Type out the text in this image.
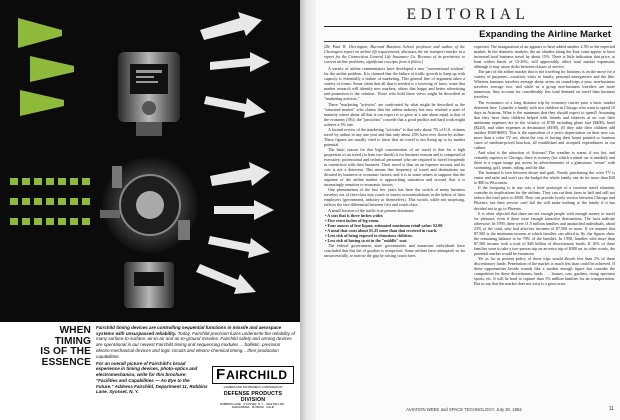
WHEN
TIMING
IS OF THE
ESSENCE

Fairchild timing devices are controlling sequential functions in missile and aerospace systems with unsurpassed reliability. Today, Fairchild precision fuzes underwrite the reliability of many surface-to-surface, air-to-air and air-to-ground missiles. Fairchild safety and arming devices are operational in our newest Fairchild timing and sequencing modules ... ballistic, precision electro-mechanical devices and logic circuits and electro-chemical timing... their production capabilities.

For an overall picture of Fairchild's broad experience in timing devices, photo-optics and electromechanics, write for this brochure: "Facilities and Capabilities — An Eye to the Future." Address Fairchild, Department 11, Robbins Lane, Syosset, N. Y.

F AIRCHILD
CAMERA AND INSTRUMENT CORPORATION
DEFENSE PRODUCTS DIVISION
ROBBINS LANE · SYOSSET, N. Y. · 2401 MILL RD · ALEXANDRIA · FLORIDA · CALIF
EDITORIAL
Expanding the Airline Market

(Dr. Paul W. Cherington, Harvard Business School professor and author of the Cherington report on airline lift requirements, discusses the air transport market in a report for the Connecticut General Life Insurance Co. Because of its pertinence to current airline problems, significant excerpts from it follow.)

A variety of airline commentators have developed a new "conventional wisdom" for the airline problem. It is claimed that the failure of traffic growth to keep up with capacity is essentially a failure of marketing. This general line of argument takes a variety of forms. Some claim that all that is needed is a lowering of fares; some that market research will identify new markets; others that happy and better advertising and promotion is the solution. Those who hold these views might be described as "marketing activists."

These "marketing "activists" are confronted by what might be described as the "saturated market" who claims that the airline industry has now reached a state of maturity where about all that it can expect is to grow at a rate about equal to that of the economy (3%); the "passivists" concede that a good product and hard work might achieve a 5% rate.

A factual review of the marketing "activists" is that only about 7% of U.S. citizens travel by airline in any one year and that only about 25% have ever flown by airline. These figures are usually cited to show that air travel is not living up to its market potential.

The basic reason for this high concentration of air travel is that for a high proportion of air travel (at least two-thirds) is for business reasons and is composed of executive, professional and technical personnel who are required to travel frequently in connection with their business. Their travel is thus on an expense account and its cost is not a deterrent. This means that frequency of travel and destinations are dictated by business or economic factors, and it is in some senses to suppose that the segment of the airline market is approaching saturation and second, that it is increasingly sensitive to economic factors.

One phenomenon of the last few years has been the switch of many business travelers out of first-class into coach or tourist accommodations at the behest of their employers (government, industry or themselves). This switch, while not surprising, reflects the fare differential between first and coach class.

A small fraction of the traffic is at present dominant:

• A seat that is three inches wider.

• Five extra inches of leg-room.

• Four ounces of free liquor, estimated maximum retail value: $2.00.

• A meal that costs about $1.25 more than that received in coach.

• Less risk of being exposed to obnoxious children.

• Less risk of having to sit in the "middle" seat.

The federal government, state governments and numerous individuals have concluded that this list of goodies is overpriced. Some airlines have attempted, so far unsuccessfully, to narrow the gap by raising coach fares.

expected. The inauguration of air appears to have added another 2.5% to the expected market. In the domestic markets, the air shuttles along the East coast appear to have increased total business travel by about 15%. There is little indication that price, at least within limits of 15-20%, will appreciably affect total market expansion, although it may cause shifts between classes of service.

The part of the airline market that is not traveling for business is on the move for a variety of purposes—vacation, visits to family, personal emergencies and the like. Whereas business travelers average about seven air round-trips a year, non-business travelers average two, and while as a group non-business travelers are more numerous, they account for considerably less total demand on travel than business travelers.

The economics of a long distance trip by economy carrier pose a basic market deterrent here. Consider a family with two children in Chicago who want to spend 10 days in Arizona. What is the minimum that they should expect to spend? Assuming that they have their children helped with friends and relatives at no cost their minimum expenses are in the vicinity of $700 including plane fare ($400), hotel ($220), and other expenses at destination ($100). (If they take their children add another $300-$600). This is the equivalent of a year's depreciation on their new car, more than a color TV set, about the cost of having their house painted or fourteen cases of medium-priced bourbon, all established and accepted expenditures in our culture.

And what is the attraction of Arizona? The weather is warm, if not hot, and certainly superior to Chicago; there is scenery (for which a rental car is needed); and there is a vague image put across by advertisements of a glamorous "resort" with swimming, golf, tennis, riding, and the like.

The husband is torn between desire and guilt. Nearly purchasing the color TV is easier and safer and won't tax the budget the whole family can do for more than $20 to $80 in Wisconsin.

If the foregoing is in any way a brief prototype of a vacation travel situation, consider its implications for the airlines. They can cut their fares in half and still not reduce the total price to $500. They can provide lovely service between Chicago and Phoenix, but their service can't fail the will make nothing to the family if it has decided not to go to Phoenix.

It is often objected that there are not enough people with enough money to travel for pleasure, even if there were enough attractive destinations. The facts indicate otherwise. In 1959, there were 11.5 million families and unattached individuals, about 23% of the total, who had after-tax incomes of $7,500 or more. If we assume that $7,500 is the minimum income at which families can afford to fly, the figures show the remaining balance to be 70% of the families. In 1958, families with more than $7,500 income took a total of $48 billion of discretionary funds. If 10% of these families were to take a two-person trip on an extra trip of $300 on, in other words, the potential market would be enormous.

Yet as far as present policy of these trips would absorb less than 2% of these discretionary funds. Penetration of the market is much less than could be achieved. If these opportunities beside sounds like a modest enough figure but consider the competition for these discretionary funds . . . houses, cars, gardens, rising spectator sports, etc. It will be hard to capture than 1% million families for air transportation. But so say that the market does not exist is a gross error.

AVIATION WEEK and SPACE TECHNOLOGY, July 30, 1962	11
